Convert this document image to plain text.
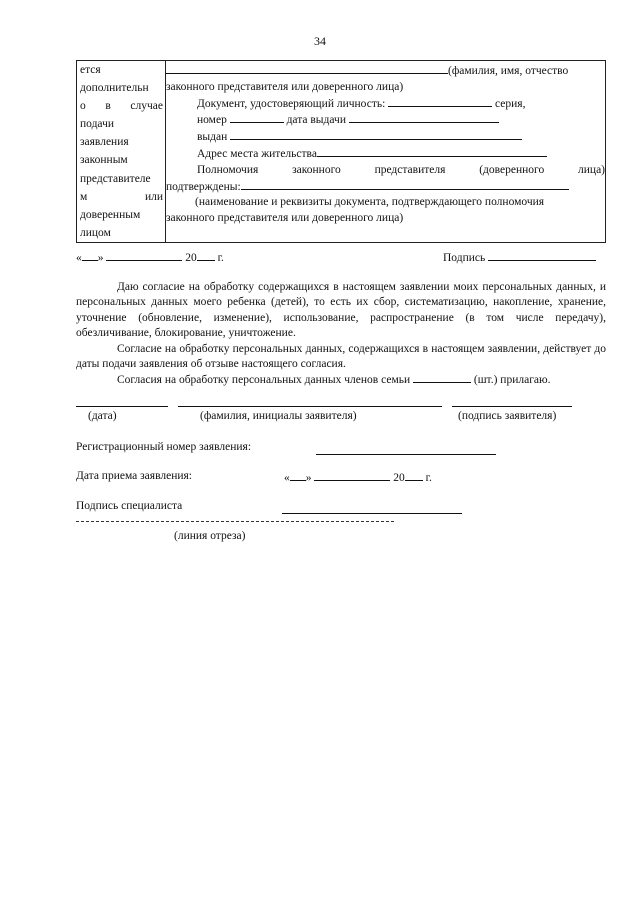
34
ется
дополнительн
о в случае
подачи
заявления
законным
представителе
м или
доверенным
лицом

(фамилия, имя, отчество
законного представителя или доверенного лица)
Документ, удостоверяющий личность:	серия,
номер	дата выдачи
выдан
Адрес места жительства
Полномочия	законного	представителя	(доверенного	лица)
подтверждены:
(наименование и реквизиты документа, подтверждающего полномочия
законного представителя или доверенного лица)
« »	20 г.	Подпись

Даю согласие на обработку содержащихся в настоящем заявлении моих персональных данных, и персональных данных моего ребенка (детей), то есть их сбор, систематизацию, накопление, хранение, уточнение (обновление, изменение), использование, распространение (в том числе передачу), обезличивание, блокирование, уничтожение.

Согласие на обработку персональных данных, содержащихся в настоящем заявлении, действует до даты подачи заявления об отзыве настоящего согласия.

Согласия на обработку персональных данных членов семьи	(шт.) прилагаю.

(дата)	(фамилия, инициалы заявителя)	(подпись заявителя)
Регистрационный номер заявления:
Дата приема заявления:	« »	20 г.
Подпись специалиста
(линия отреза)
